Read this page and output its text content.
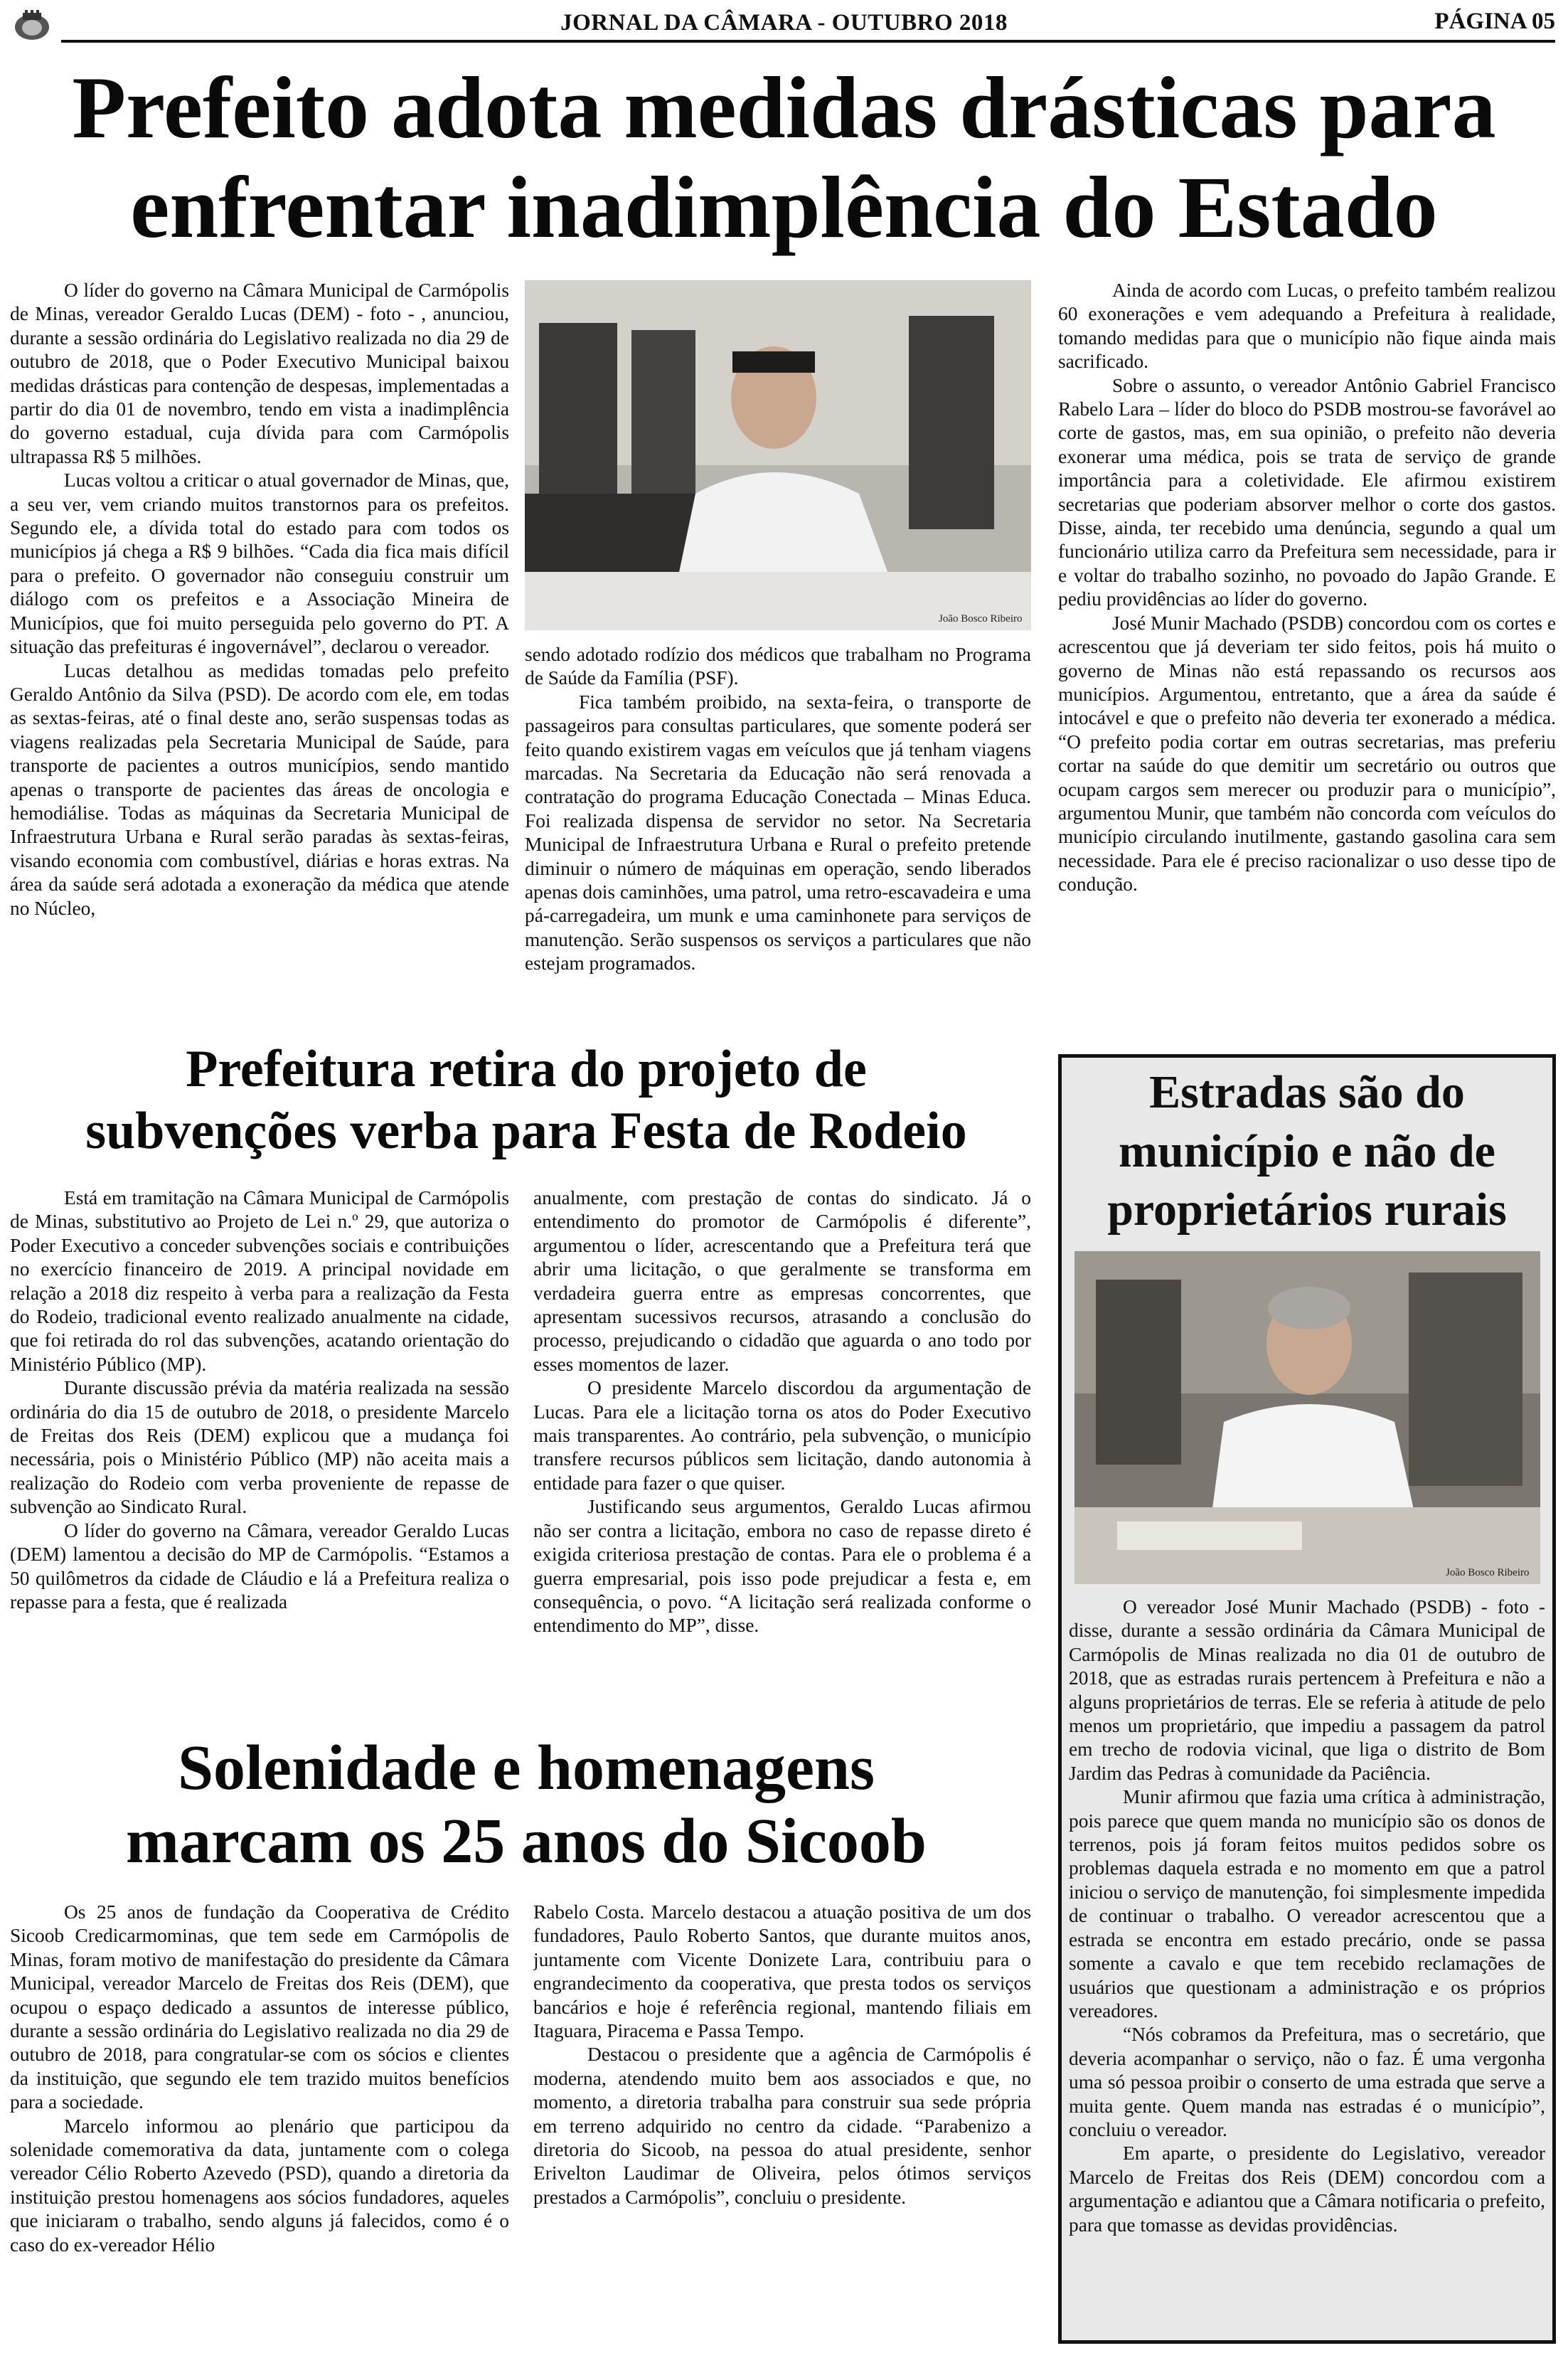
JORNAL DA CÂMARA - OUTUBRO 2018	PÁGINA 05
Prefeito adota medidas drásticas para
enfrentar inadimplência do Estado

O líder do governo na Câmara Municipal de Carmópolis de Minas, vereador Geraldo Lucas (DEM) - foto - , anunciou, durante a sessão ordinária do Legislativo realizada no dia 29 de outubro de 2018, que o Poder Executivo Municipal baixou medidas drásticas para contenção de despesas, implementadas a partir do dia 01 de novembro, tendo em vista a inadimplência do governo estadual, cuja dívida para com Carmópolis ultrapassa R$ 5 milhões.

Lucas voltou a criticar o atual governador de Minas, que, a seu ver, vem criando muitos transtornos para os prefeitos. Segundo ele, a dívida total do estado para com todos os municípios já chega a R$ 9 bilhões. “Cada dia fica mais difícil para o prefeito. O governador não conseguiu construir um diálogo com os prefeitos e a Associação Mineira de Municípios, que foi muito perseguida pelo governo do PT. A situação das prefeituras é ingovernável”, declarou o vereador.

Lucas detalhou as medidas tomadas pelo prefeito Geraldo Antônio da Silva (PSD). De acordo com ele, em todas as sextas-feiras, até o final deste ano, serão suspensas todas as viagens realizadas pela Secretaria Municipal de Saúde, para transporte de pacientes a outros municípios, sendo mantido apenas o transporte de pacientes das áreas de oncologia e hemodiálise. Todas as máquinas da Secretaria Municipal de Infraestrutura Urbana e Rural serão paradas às sextas-feiras, visando economia com combustível, diárias e horas extras. Na área da saúde será adotada a exoneração da médica que atende no Núcleo,

João Bosco Ribeiro

sendo adotado rodízio dos médicos que trabalham no Programa de Saúde da Família (PSF).

Fica também proibido, na sexta-feira, o transporte de passageiros para consultas particulares, que somente poderá ser feito quando existirem vagas em veículos que já tenham viagens marcadas. Na Secretaria da Educação não será renovada a contratação do programa Educação Conectada – Minas Educa. Foi realizada dispensa de servidor no setor. Na Secretaria Municipal de Infraestrutura Urbana e Rural o prefeito pretende diminuir o número de máquinas em operação, sendo liberados apenas dois caminhões, uma patrol, uma retro-escavadeira e uma pá-carregadeira, um munk e uma caminhonete para serviços de manutenção. Serão suspensos os serviços a particulares que não estejam programados.

Ainda de acordo com Lucas, o prefeito também realizou 60 exonerações e vem adequando a Prefeitura à realidade, tomando medidas para que o município não fique ainda mais sacrificado.

Sobre o assunto, o vereador Antônio Gabriel Francisco Rabelo Lara – líder do bloco do PSDB mostrou-se favorável ao corte de gastos, mas, em sua opinião, o prefeito não deveria exonerar uma médica, pois se trata de serviço de grande importância para a coletividade. Ele afirmou existirem secretarias que poderiam absorver melhor o corte dos gastos. Disse, ainda, ter recebido uma denúncia, segundo a qual um funcionário utiliza carro da Prefeitura sem necessidade, para ir e voltar do trabalho sozinho, no povoado do Japão Grande. E pediu providências ao líder do governo.

José Munir Machado (PSDB) concordou com os cortes e acrescentou que já deveriam ter sido feitos, pois há muito o governo de Minas não está repassando os recursos aos municípios. Argumentou, entretanto, que a área da saúde é intocável e que o prefeito não deveria ter exonerado a médica. “O prefeito podia cortar em outras secretarias, mas preferiu cortar na saúde do que demitir um secretário ou outros que ocupam cargos sem merecer ou produzir para o município”, argumentou Munir, que também não concorda com veículos do município circulando inutilmente, gastando gasolina cara sem necessidade. Para ele é preciso racionalizar o uso desse tipo de condução.

Prefeitura retira do projeto de
subvenções verba para Festa de Rodeio

Está em tramitação na Câmara Municipal de Carmópolis de Minas, substitutivo ao Projeto de Lei n.º 29, que autoriza o Poder Executivo a conceder subvenções sociais e contribuições no exercício financeiro de 2019. A principal novidade em relação a 2018 diz respeito à verba para a realização da Festa do Rodeio, tradicional evento realizado anualmente na cidade, que foi retirada do rol das subvenções, acatando orientação do Ministério Público (MP).

Durante discussão prévia da matéria realizada na sessão ordinária do dia 15 de outubro de 2018, o presidente Marcelo de Freitas dos Reis (DEM) explicou que a mudança foi necessária, pois o Ministério Público (MP) não aceita mais a realização do Rodeio com verba proveniente de repasse de subvenção ao Sindicato Rural.

O líder do governo na Câmara, vereador Geraldo Lucas (DEM) lamentou a decisão do MP de Carmópolis. “Estamos a 50 quilômetros da cidade de Cláudio e lá a Prefeitura realiza o repasse para a festa, que é realizada

anualmente, com prestação de contas do sindicato. Já o entendimento do promotor de Carmópolis é diferente”, argumentou o líder, acrescentando que a Prefeitura terá que abrir uma licitação, o que geralmente se transforma em verdadeira guerra entre as empresas concorrentes, que apresentam sucessivos recursos, atrasando a conclusão do processo, prejudicando o cidadão que aguarda o ano todo por esses momentos de lazer.

O presidente Marcelo discordou da argumentação de Lucas. Para ele a licitação torna os atos do Poder Executivo mais transparentes. Ao contrário, pela subvenção, o município transfere recursos públicos sem licitação, dando autonomia à entidade para fazer o que quiser.

Justificando seus argumentos, Geraldo Lucas afirmou não ser contra a licitação, embora no caso de repasse direto é exigida criteriosa prestação de contas. Para ele o problema é a guerra empresarial, pois isso pode prejudicar a festa e, em consequência, o povo. “A licitação será realizada conforme o entendimento do MP”, disse.

Solenidade e homenagens
marcam os 25 anos do Sicoob

Os 25 anos de fundação da Cooperativa de Crédito Sicoob Credicarmominas, que tem sede em Carmópolis de Minas, foram motivo de manifestação do presidente da Câmara Municipal, vereador Marcelo de Freitas dos Reis (DEM), que ocupou o espaço dedicado a assuntos de interesse público, durante a sessão ordinária do Legislativo realizada no dia 29 de outubro de 2018, para congratular-se com os sócios e clientes da instituição, que segundo ele tem trazido muitos benefícios para a sociedade.

Marcelo informou ao plenário que participou da solenidade comemorativa da data, juntamente com o colega vereador Célio Roberto Azevedo (PSD), quando a diretoria da instituição prestou homenagens aos sócios fundadores, aqueles que iniciaram o trabalho, sendo alguns já falecidos, como é o caso do ex-vereador Hélio

Rabelo Costa. Marcelo destacou a atuação positiva de um dos fundadores, Paulo Roberto Santos, que durante muitos anos, juntamente com Vicente Donizete Lara, contribuiu para o engrandecimento da cooperativa, que presta todos os serviços bancários e hoje é referência regional, mantendo filiais em Itaguara, Piracema e Passa Tempo.

Destacou o presidente que a agência de Carmópolis é moderna, atendendo muito bem aos associados e que, no momento, a diretoria trabalha para construir sua sede própria em terreno adquirido no centro da cidade. “Parabenizo a diretoria do Sicoob, na pessoa do atual presidente, senhor Erivelton Laudimar de Oliveira, pelos ótimos serviços prestados a Carmópolis”, concluiu o presidente.

Estradas são do
município e não de
proprietários rurais
João Bosco Ribeiro

O vereador José Munir Machado (PSDB) - foto - disse, durante a sessão ordinária da Câmara Municipal de Carmópolis de Minas realizada no dia 01 de outubro de 2018, que as estradas rurais pertencem à Prefeitura e não a alguns proprietários de terras. Ele se referia à atitude de pelo menos um proprietário, que impediu a passagem da patrol em trecho de rodovia vicinal, que liga o distrito de Bom Jardim das Pedras à comunidade da Paciência.

Munir afirmou que fazia uma crítica à administração, pois parece que quem manda no município são os donos de terrenos, pois já foram feitos muitos pedidos sobre os problemas daquela estrada e no momento em que a patrol iniciou o serviço de manutenção, foi simplesmente impedida de continuar o trabalho. O vereador acrescentou que a estrada se encontra em estado precário, onde se passa somente a cavalo e que tem recebido reclamações de usuários que questionam a administração e os próprios vereadores.

“Nós cobramos da Prefeitura, mas o secretário, que deveria acompanhar o serviço, não o faz. É uma vergonha uma só pessoa proibir o conserto de uma estrada que serve a muita gente. Quem manda nas estradas é o município”, concluiu o vereador.

Em aparte, o presidente do Legislativo, vereador Marcelo de Freitas dos Reis (DEM) concordou com a argumentação e adiantou que a Câmara notificaria o prefeito, para que tomasse as devidas providências.
